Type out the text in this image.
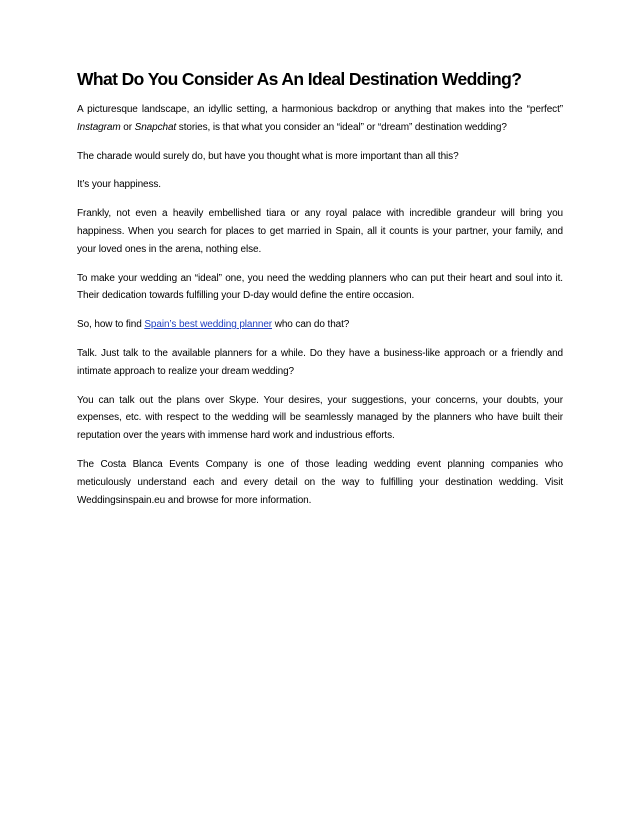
What Do You Consider As An Ideal Destination Wedding?

A picturesque landscape, an idyllic setting, a harmonious backdrop or anything that makes into the “perfect” Instagram or Snapchat stories, is that what you consider an “ideal” or “dream” destination wedding?

The charade would surely do, but have you thought what is more important than all this?

It’s your happiness.

Frankly, not even a heavily embellished tiara or any royal palace with incredible grandeur will bring you happiness. When you search for places to get married in Spain, all it counts is your partner, your family, and your loved ones in the arena, nothing else.

To make your wedding an “ideal” one, you need the wedding planners who can put their heart and soul into it. Their dedication towards fulfilling your D-day would define the entire occasion.

So, how to find Spain’s best wedding planner who can do that?

Talk. Just talk to the available planners for a while. Do they have a business-like approach or a friendly and intimate approach to realize your dream wedding?

You can talk out the plans over Skype. Your desires, your suggestions, your concerns, your doubts, your expenses, etc. with respect to the wedding will be seamlessly managed by the planners who have built their reputation over the years with immense hard work and industrious efforts.

The Costa Blanca Events Company is one of those leading wedding event planning companies who meticulously understand each and every detail on the way to fulfilling your destination wedding. Visit Weddingsinspain.eu and browse for more information.
